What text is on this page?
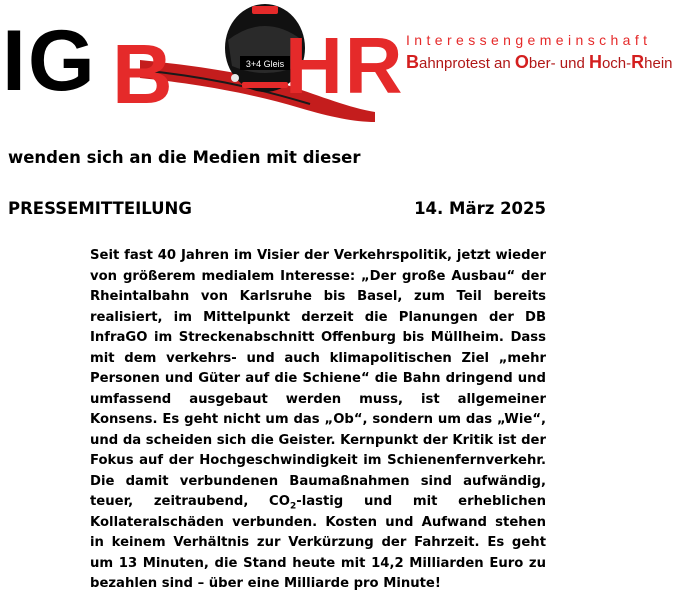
IG B	3+4 Gleis HR Interessengemeinschaft
Bahnprotest an Ober- und Hoch-Rhein
wenden sich an die Medien mit dieser
PRESSEMITTEILUNG	14. März 2025

Seit fast 40 Jahren im Visier der Verkehrspolitik, jetzt wieder von größerem medialem Interesse: „Der große Ausbau“ der Rheintalbahn von Karlsruhe bis Basel, zum Teil bereits realisiert, im Mittelpunkt derzeit die Planungen der DB InfraGO im Streckenabschnitt Offenburg bis Müllheim. Dass mit dem verkehrs- und auch klimapolitischen Ziel „mehr Personen und Güter auf die Schiene“ die Bahn dringend und umfassend ausgebaut werden muss, ist allgemeiner Konsens. Es geht nicht um das „Ob“, sondern um das „Wie“, und da scheiden sich die Geister. Kernpunkt der Kritik ist der Fokus auf der Hochgeschwindigkeit im Schienenfernverkehr. Die damit verbundenen Baumaßnahmen sind aufwändig, teuer, zeitraubend, $CO_2$-lastig und mit erheblichen Kollateralschäden verbunden. Kosten und Aufwand stehen in keinem Verhältnis zur Verkürzung der Fahrzeit. Es geht um 13 Minuten, die Stand heute mit 14,2 Milliarden Euro zu bezahlen sind – über eine Milliarde pro Minute!
